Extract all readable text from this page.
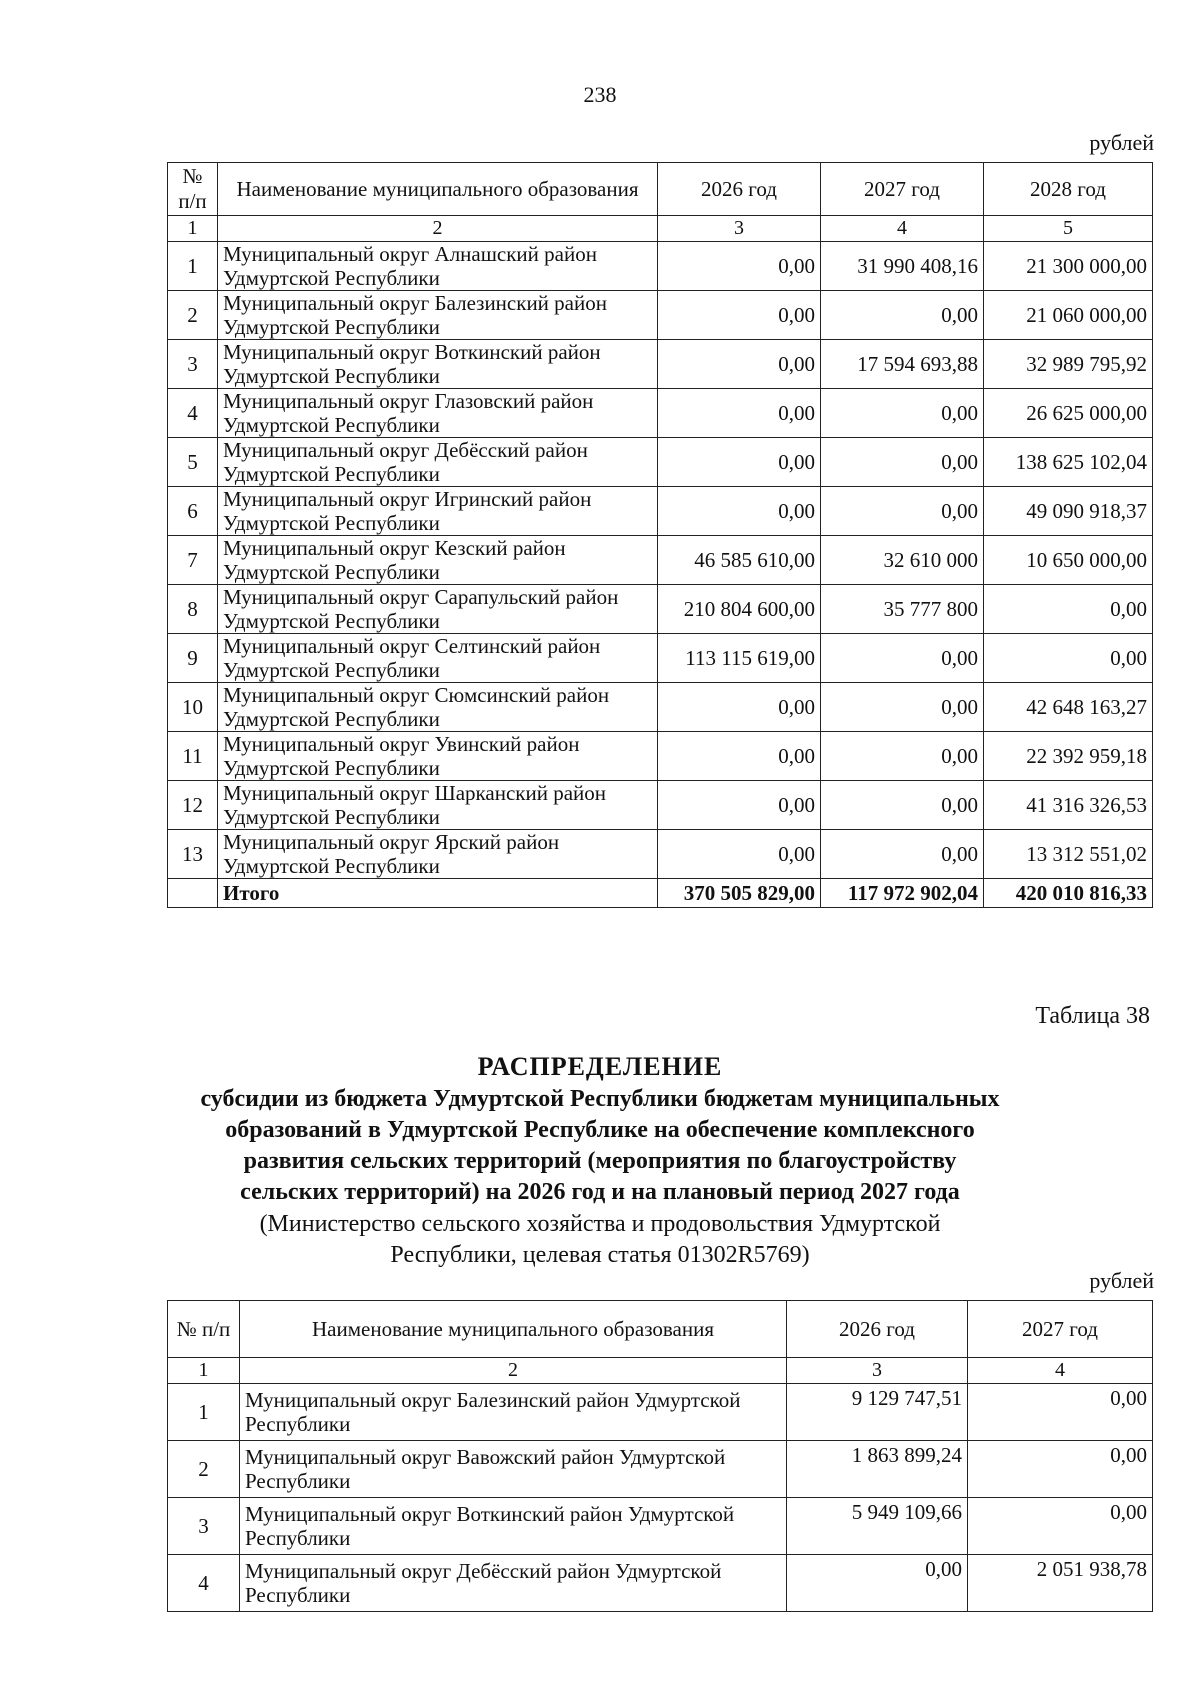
238
рублей
№ п/п	Наименование муниципального образования	2026 год	2027 год	2028 год
1	2	3	4	5
1	Муниципальный округ Алнашский район Удмуртской Республики	0,00	31 990 408,16	21 300 000,00
2	Муниципальный округ Балезинский район Удмуртской Республики	0,00	0,00	21 060 000,00
3	Муниципальный округ Воткинский район Удмуртской Республики	0,00	17 594 693,88	32 989 795,92
4	Муниципальный округ Глазовский район Удмуртской Республики	0,00	0,00	26 625 000,00
5	Муниципальный округ Дебёсский район Удмуртской Республики	0,00	0,00	138 625 102,04
6	Муниципальный округ Игринский район Удмуртской Республики	0,00	0,00	49 090 918,37
7	Муниципальный округ Кезский район Удмуртской Республики	46 585 610,00	32 610 000	10 650 000,00
8	Муниципальный округ Сарапульский район Удмуртской Республики	210 804 600,00	35 777 800	0,00
9	Муниципальный округ Селтинский район Удмуртской Республики	113 115 619,00	0,00	0,00
10	Муниципальный округ Сюмсинский район Удмуртской Республики	0,00	0,00	42 648 163,27
11	Муниципальный округ Увинский район Удмуртской Республики	0,00	0,00	22 392 959,18
12	Муниципальный округ Шарканский район Удмуртской Республики	0,00	0,00	41 316 326,53
13	Муниципальный округ Ярский район Удмуртской Республики	0,00	0,00	13 312 551,02
	Итого	370 505 829,00	117 972 902,04	420 010 816,33
Таблица 38
РАСПРЕДЕЛЕНИЕ
субсидии из бюджета Удмуртской Республики бюджетам муниципальных
образований в Удмуртской Республике на обеспечение комплексного
развития сельских территорий (мероприятия по благоустройству
сельских территорий) на 2026 год и на плановый период 2027 года
(Министерство сельского хозяйства и продовольствия Удмуртской
Республики, целевая статья 01302R5769)
рублей
№ п/п	Наименование муниципального образования	2026 год	2027 год
1	2	3	4
1	Муниципальный округ Балезинский район Удмуртской Республики	9 129 747,51	0,00
2	Муниципальный округ Вавожский район Удмуртской Республики	1 863 899,24	0,00
3	Муниципальный округ Воткинский район Удмуртской Республики	5 949 109,66	0,00
4	Муниципальный округ Дебёсский район Удмуртской Республики	0,00	2 051 938,78
